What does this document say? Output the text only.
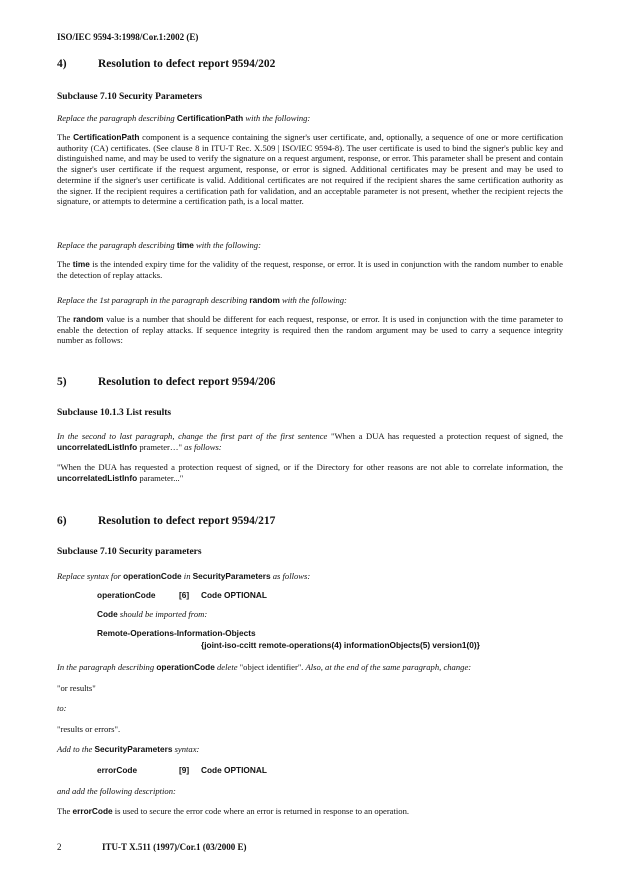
ISO/IEC 9594-3:1998/Cor.1:2002 (E)
4)	Resolution to defect report 9594/202
Subclause 7.10 Security Parameters

Replace the paragraph describing CertificationPath with the following:

The CertificationPath component is a sequence containing the signer's user certificate, and, optionally, a sequence of one or more certification authority (CA) certificates. (See clause 8 in ITU-T Rec. X.509 | ISO/IEC 9594-8). The user certificate is used to bind the signer's public key and distinguished name, and may be used to verify the signature on a request argument, response, or error. This parameter shall be present and contain the signer's user certificate if the request argument, response, or error is signed. Additional certificates may be present and may be used to determine if the signer's user certificate is valid. Additional certificates are not required if the recipient shares the same certification authority as the signer. If the recipient requires a certification path for validation, and an acceptable parameter is not present, whether the recipient rejects the signature, or attempts to determine a certification path, is a local matter.

Replace the paragraph describing time with the following:

The time is the intended expiry time for the validity of the request, response, or error. It is used in conjunction with the random number to enable the detection of replay attacks.

Replace the 1st paragraph in the paragraph describing random with the following:

The random value is a number that should be different for each request, response, or error. It is used in conjunction with the time parameter to enable the detection of replay attacks. If sequence integrity is required then the random argument may be used to carry a sequence integrity number as follows:

5)	Resolution to defect report 9594/206
Subclause 10.1.3 List results

In the second to last paragraph, change the first part of the first sentence "When a DUA has requested a protection request of signed, the uncorrelatedListInfo prameter…" as follows:

"When the DUA has requested a protection request of signed, or if the Directory for other reasons are not able to correlate information, the uncorrelatedListInfo parameter..."

6)	Resolution to defect report 9594/217
Subclause 7.10 Security parameters

Replace syntax for operationCode in SecurityParameters as follows:

operationCode	[6] Code OPTIONAL

Code should be imported from:

Remote-Operations-Information-Objects
{joint-iso-ccitt remote-operations(4) informationObjects(5) version1(0)}

In the paragraph describing operationCode delete "object identifier". Also, at the end of the same paragraph, change:

"or results"

to:

"results or errors".

Add to the SecurityParameters syntax:

errorCode	[9] Code OPTIONAL

and add the following description:

The errorCode is used to secure the error code where an error is returned in response to an operation.

2	ITU-T X.511 (1997)/Cor.1 (03/2000 E)
